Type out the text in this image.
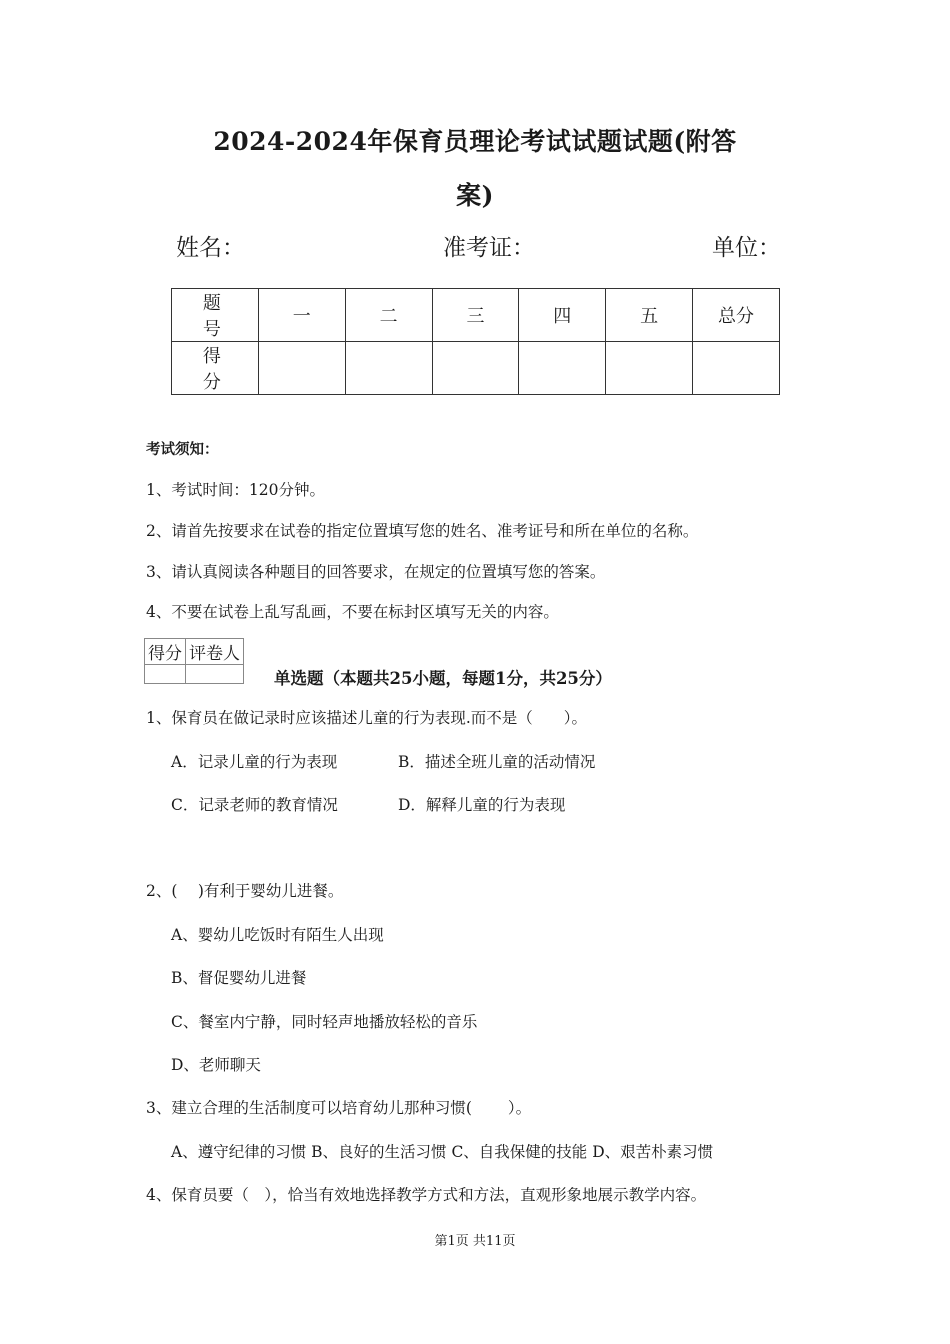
2024-2024年保育员理论考试试题试题(附答
案)
姓名：	准考证：	单位：
题 号	一	二	三	四	五	总分
得 分						
考试须知：
1、考试时间：120分钟。
2、请首先按要求在试卷的指定位置填写您的姓名、准考证号和所在单位的名称。
3、请认真阅读各种题目的回答要求，在规定的位置填写您的答案。
4、不要在试卷上乱写乱画，不要在标封区填写无关的内容。
得分	评卷人

单选题（本题共25小题，每题1分，共25分）
1、保育员在做记录时应该描述儿童的行为表现.而不是（　　）。
A．记录儿童的行为表现	B．描述全班儿童的活动情况
C．记录老师的教育情况	D．解释儿童的行为表现
2、(　 )有利于婴幼儿进餐。
A、婴幼儿吃饭时有陌生人出现
B、督促婴幼儿进餐
C、餐室内宁静，同时轻声地播放轻松的音乐
D、老师聊天
3、建立合理的生活制度可以培育幼儿那种习惯(　　 ）。
A、遵守纪律的习惯 B、良好的生活习惯 C、自我保健的技能 D、艰苦朴素习惯
4、保育员要（　），恰当有效地选择教学方式和方法，直观形象地展示教学内容。
第1页 共11页
